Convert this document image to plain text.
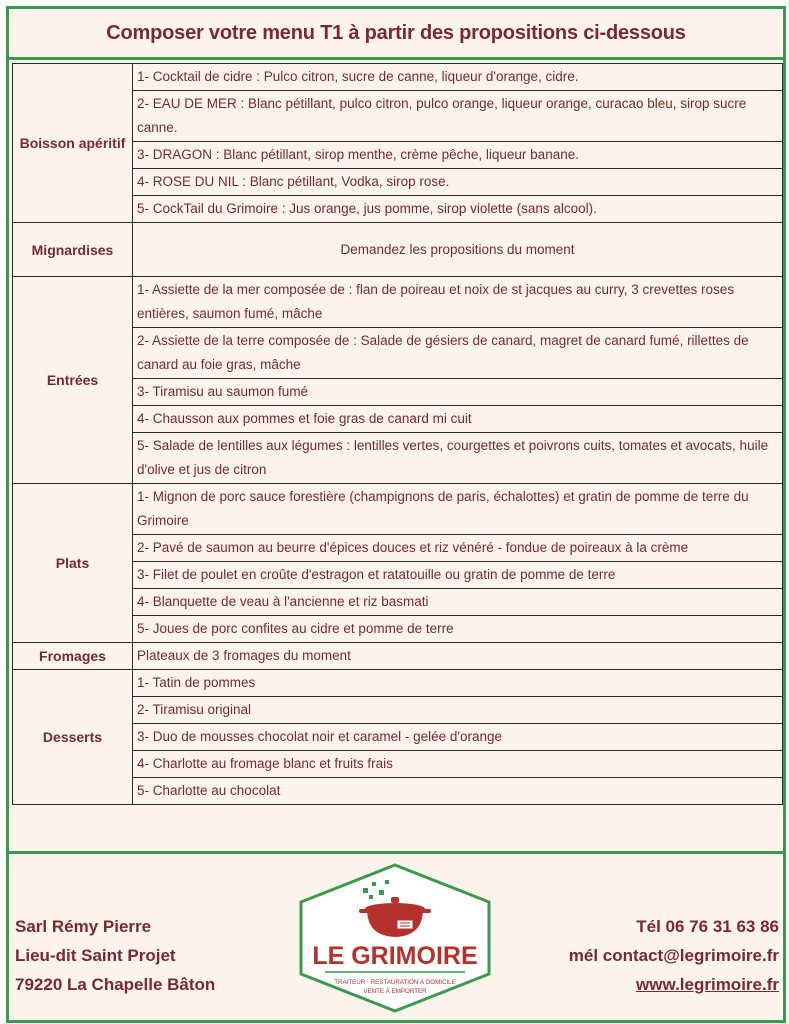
Composer votre menu T1 à partir des propositions ci-dessous
Boisson apéritif	1- Cocktail de cidre : Pulco citron, sucre de canne, liqueur d'orange, cidre.
	2- EAU DE MER : Blanc pétillant, pulco citron, pulco orange, liqueur orange, curacao bleu, sirop sucre canne.
	3- DRAGON : Blanc pétillant, sirop menthe, crème pêche, liqueur banane.
	4- ROSE DU NIL : Blanc pétillant, Vodka, sirop rose.
	5- CockTail du Grimoire : Jus orange, jus pomme, sirop violette (sans alcool).
Mignardises	Demandez les propositions du moment
Entrées	1- Assiette de la mer composée de : flan de poireau et noix de st jacques au curry, 3 crevettes roses entières, saumon fumé, mâche
	2- Assiette de la terre composée de : Salade de gésiers de canard, magret de canard fumé, rillettes de canard au foie gras, mâche
	3- Tiramisu au saumon fumé
	4- Chausson aux pommes et foie gras de canard mi cuit
	5- Salade de lentilles aux légumes : lentilles vertes, courgettes et poivrons cuits, tomates et avocats, huile d'olive et jus de citron
Plats	1- Mignon de porc sauce forestière (champignons de paris, échalottes) et gratin de pomme de terre du Grimoire
	2- Pavé de saumon au beurre d'épices douces et riz vénéré - fondue de poireaux à la crème
	3- Filet de poulet en croûte d'estragon et ratatouille ou gratin de pomme de terre
	4- Blanquette de veau à l'ancienne et riz basmati
	5- Joues de porc confites au cidre et pomme de terre
Fromages	Plateaux de 3 fromages du moment
Desserts	1- Tatin de pommes
	2- Tiramisu original
	3- Duo de mousses chocolat noir et caramel - gelée d'orange
	4- Charlotte au fromage blanc et fruits frais
	5- Charlotte au chocolat
Sarl Rémy Pierre
Lieu-dit Saint Projet
79220 La Chapelle Bâton
LE GRIMOIRE
TRAITEUR · RESTAURATION À DOMICILE
VENTE À EMPORTER
Tél 06 76 31 63 86
mél contact@legrimoire.fr
www.legrimoire.fr
